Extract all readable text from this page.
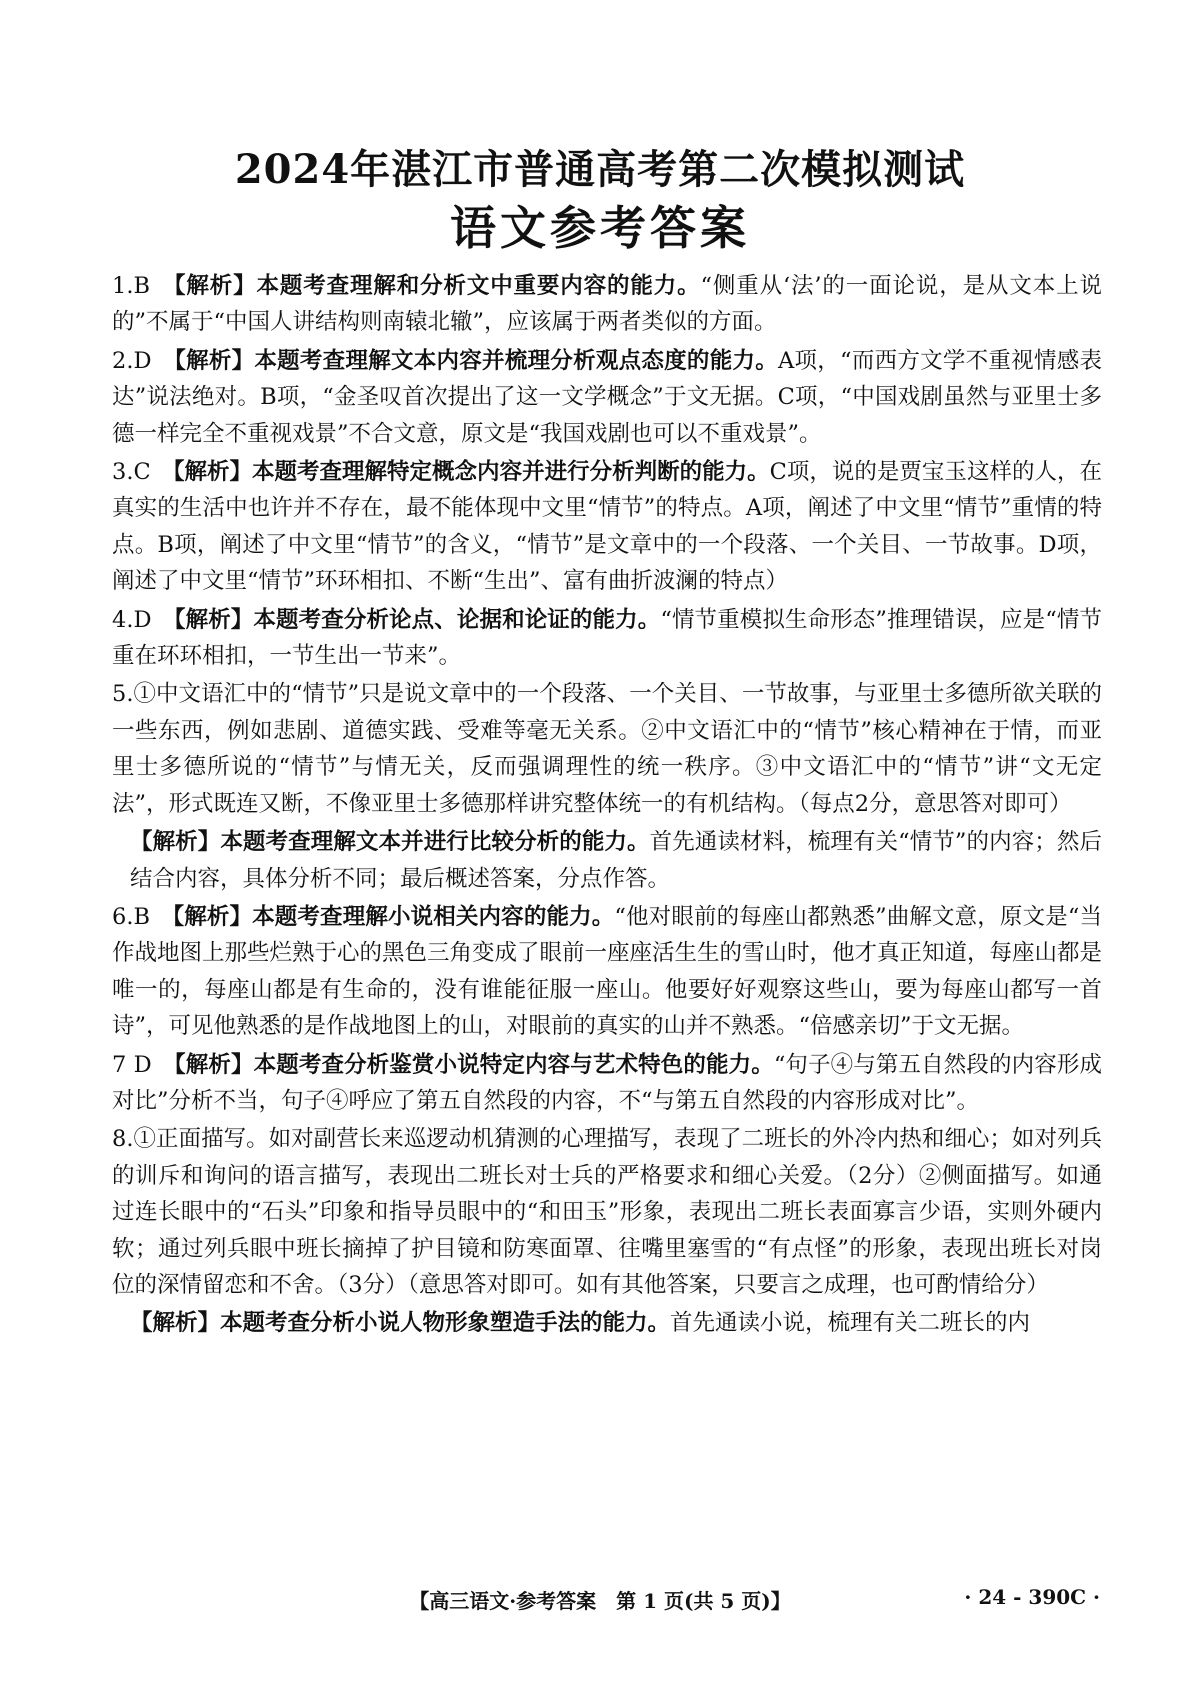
2024年湛江市普通高考第二次模拟测试
语文参考答案

1.B　 【解析】本题考查理解和分析文中重要内容的能力。“侧重从‘法’的一面论说，是从文本上说的”不属于“中国人讲结构则南辕北辙”，应该属于两者类似的方面。

2.D　 【解析】本题考查理解文本内容并梳理分析观点态度的能力。A项，“而西方文学不重视情感表达”说法绝对。B项，“金圣叹首次提出了这一文学概念”于文无据。C项，“中国戏剧虽然与亚里士多德一样完全不重视戏景”不合文意，原文是“我国戏剧也可以不重戏景”。

3.C　 【解析】本题考查理解特定概念内容并进行分析判断的能力。C项，说的是贾宝玉这样的人，在真实的生活中也许并不存在，最不能体现中文里“情节”的特点。A项，阐述了中文里“情节”重情的特点。B项，阐述了中文里“情节”的含义，“情节”是文章中的一个段落、一个关目、一节故事。D项，阐述了中文里“情节”环环相扣、不断“生出”、富有曲折波澜的特点）

4.D　 【解析】本题考查分析论点、论据和论证的能力。“情节重模拟生命形态”推理错误，应是“情节重在环环相扣，一节生出一节来”。

5.①中文语汇中的“情节”只是说文章中的一个段落、一个关目、一节故事，与亚里士多德所欲关联的一些东西，例如悲剧、道德实践、受难等毫无关系。②中文语汇中的“情节”核心精神在于情，而亚里士多德所说的“情节”与情无关，反而强调理性的统一秩序。③中文语汇中的“情节”讲“文无定法”，形式既连又断，不像亚里士多德那样讲究整体统一的有机结构。（每点2分，意思答对即可）

【解析】本题考查理解文本并进行比较分析的能力。首先通读材料，梳理有关“情节”的内容；然后结合内容，具体分析不同；最后概述答案，分点作答。

6.B　 【解析】本题考查理解小说相关内容的能力。“他对眼前的每座山都熟悉”曲解文意，原文是“当作战地图上那些烂熟于心的黑色三角变成了眼前一座座活生生的雪山时，他才真正知道，每座山都是唯一的，每座山都是有生命的，没有谁能征服一座山。他要好好观察这些山，要为每座山都写一首诗”，可见他熟悉的是作战地图上的山，对眼前的真实的山并不熟悉。“倍感亲切”于文无据。

7 D　 【解析】本题考查分析鉴赏小说特定内容与艺术特色的能力。“句子④与第五自然段的内容形成对比”分析不当，句子④呼应了第五自然段的内容，不“与第五自然段的内容形成对比”。

8.①正面描写。如对副营长来巡逻动机猜测的心理描写，表现了二班长的外冷内热和细心；如对列兵的训斥和询问的语言描写，表现出二班长对士兵的严格要求和细心关爱。（2分）②侧面描写。如通过连长眼中的“石头”印象和指导员眼中的“和田玉”形象，表现出二班长表面寡言少语，实则外硬内软；通过列兵眼中班长摘掉了护目镜和防寒面罩、往嘴里塞雪的“有点怪”的形象，表现出班长对岗位的深情留恋和不舍。（3分）（意思答对即可。如有其他答案，只要言之成理，也可酌情给分）

【解析】本题考查分析小说人物形象塑造手法的能力。首先通读小说，梳理有关二班长的内

【高三语文·参考答案　第 1 页(共 5 页)】	· 24 - 390C ·
